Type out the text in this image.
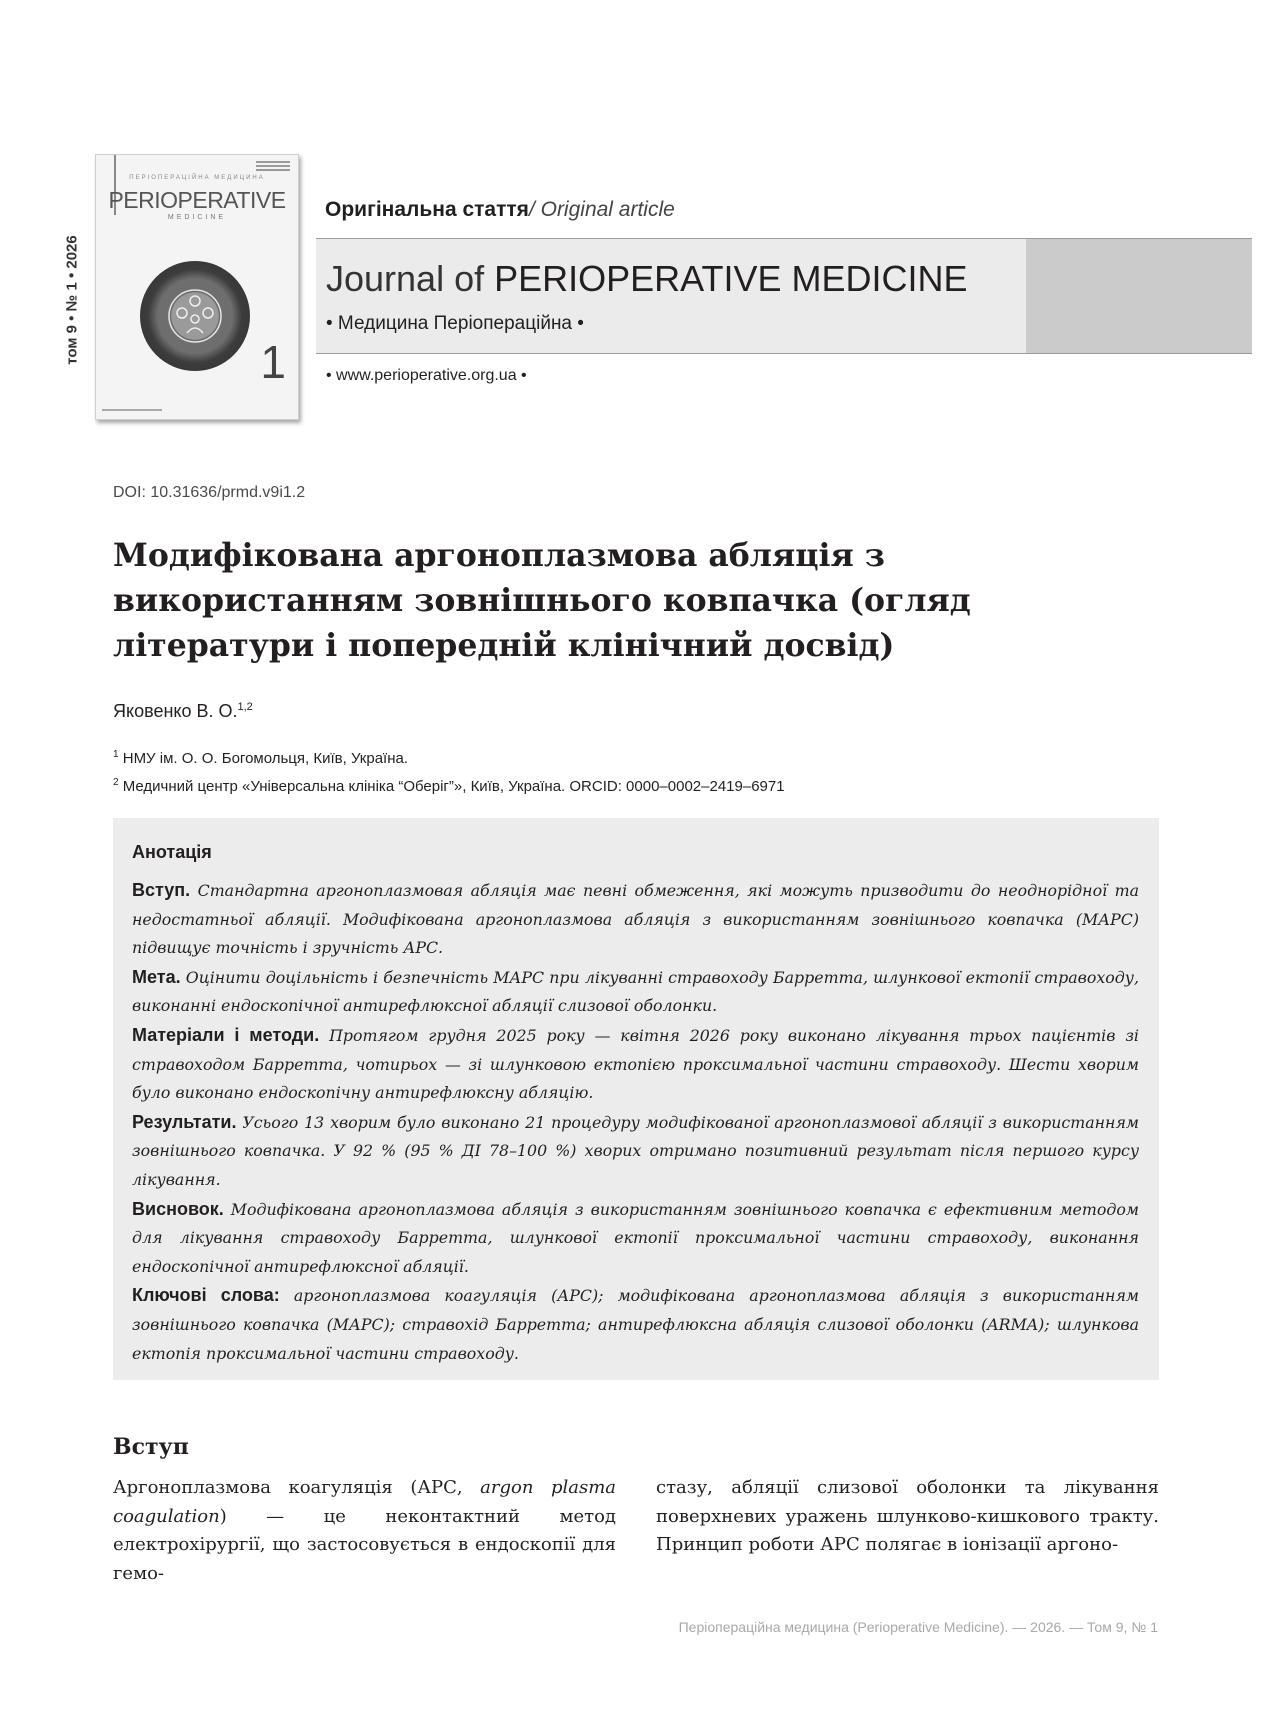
том 9 • № 1 • 2026
ПЕРІОПЕРАЦІЙНА МЕДИЦИНА
PERIOPERATIVE
MEDICINE
1
Оригінальна стаття/ Original article
Journal of PERIOPERATIVE MEDICINE
• Медицина Періопераційна •
• www.perioperative.org.ua •
DOI: 10.31636/prmd.v9i1.2
Модифікована аргоноплазмова абляція з використанням зовнішнього ковпачка (огляд літератури і попередній клінічний досвід)
Яковенко В. О.$^{1,2}$
$^1$ НМУ ім. О. О. Богомольця, Київ, Україна.
$^2$ Медичний центр «Універсальна клініка “Оберіг”», Київ, Україна. ORCID: 0000–0002–2419–6971
Анотація

Вступ. Стандартна аргоноплазмовая абляція має певні обмеження, які можуть призводити до неоднорідної та недостатньої абляції. Модифікована аргоноплазмова абляція з використанням зовнішнього ковпачка (МАРС) підвищує точність і зручність АРС.

Мета. Оцінити доцільність і безпечність МАРС при лікуванні стравоходу Барретта, шлункової ектопії стравоходу, виконанні ендоскопічної антирефлюксної абляції слизової оболонки.

Матеріали і методи. Протягом грудня 2025 року — квітня 2026 року виконано лікування трьох пацієнтів зі стравоходом Барретта, чотирьох — зі шлунковою ектопією проксимальної частини стравоходу. Шести хворим було виконано ендоскопічну антирефлюксну абляцію.

Результати. Усього 13 хворим було виконано 21 процедуру модифікованої аргоноплазмової абляції з використанням зовнішнього ковпачка. У 92 % (95 % ДІ 78–100 %) хворих отримано позитивний результат після першого курсу лікування.

Висновок. Модифікована аргоноплазмова абляція з використанням зовнішнього ковпачка є ефективним методом для лікування стравоходу Барретта, шлункової ектопії проксимальної частини стравоходу, виконання ендоскопічної антирефлюксної абляції.

Ключові слова: аргоноплазмова коагуляція (АРС); модифікована аргоноплазмова абляція з використанням зовнішнього ковпачка (МАРС); стравохід Барретта; антирефлюксна абляція слизової оболонки (ARMA); шлункова ектопія проксимальної частини стравоходу.

Вступ
Аргоноплазмова коагуляція (АРС, argon plasma coagulation) — це неконтактний метод електрохірургії, що застосовується в ендоскопії для гемо-
стазу, абляції слизової оболонки та лікування поверхневих уражень шлунково-кишкового тракту. Принцип роботи АРС полягає в іонізації аргоно-
Періопераційна медицина (Perioperative Medicine). — 2026. — Том 9, № 1
